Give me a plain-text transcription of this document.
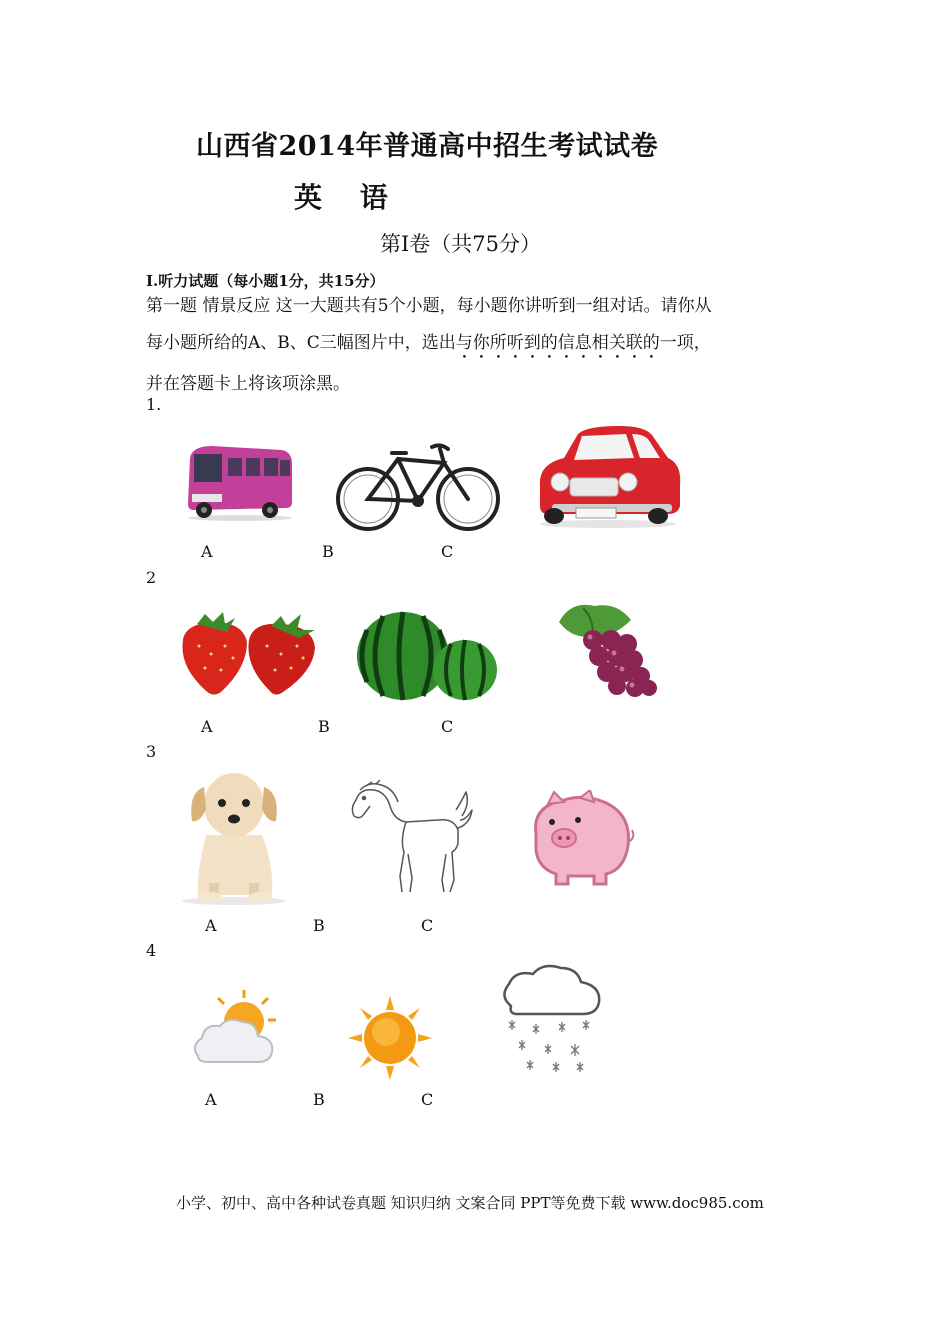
山西省2014年普通高中招生考试试卷
英 语
第I卷（共75分）
I.听力试题（每小题1分，共15分）
第一题 情景反应 这一大题共有5个小题，每小题你讲听到一组对话。请你从
每小题所给的A、B、C三幅图片中，选出与你所听到的信息相关联的一项，
并在答题卡上将该项涂黑。
1.
A	B	C
2
A	B	C
3
A	B	C
4
A	B	C
小学、初中、高中各种试卷真题 知识归纳 文案合同 PPT等免费下载 www.doc985.com
